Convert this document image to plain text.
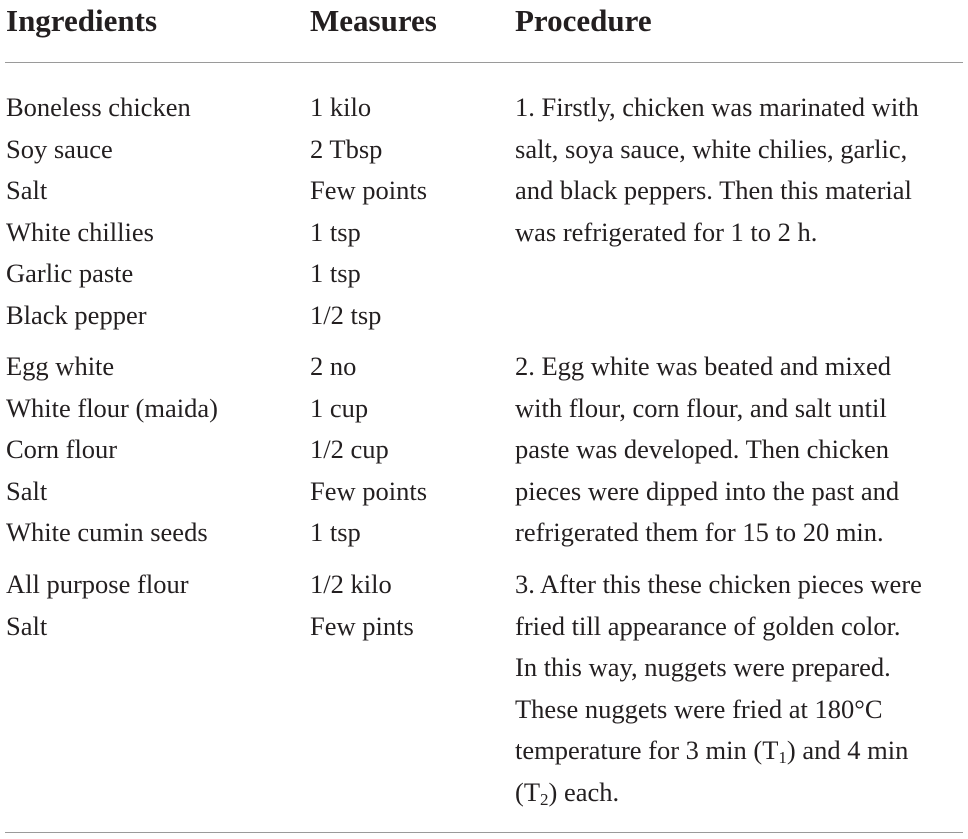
Ingredients	Measures	Procedure
Boneless chicken
Soy sauce
Salt
White chillies
Garlic paste
Black pepper
1 kilo
2 Tbsp
Few points
1 tsp
1 tsp
1/2 tsp
1. Firstly, chicken was marinated with
salt, soya sauce, white chilies, garlic,
and black peppers. Then this material
was refrigerated for 1 to 2 h.
Egg white
White flour (maida)
Corn flour
Salt
White cumin seeds
2 no
1 cup
1/2 cup
Few points
1 tsp
2. Egg white was beated and mixed
with flour, corn flour, and salt until
paste was developed. Then chicken
pieces were dipped into the past and
refrigerated them for 15 to 20 min.
All purpose flour
Salt
1/2 kilo
Few pints
3. After this these chicken pieces were
fried till appearance of golden color.
In this way, nuggets were prepared.
These nuggets were fried at 180°C
temperature for 3 $\min (T_1)$ and 4 min
$(T_2)$ each.
